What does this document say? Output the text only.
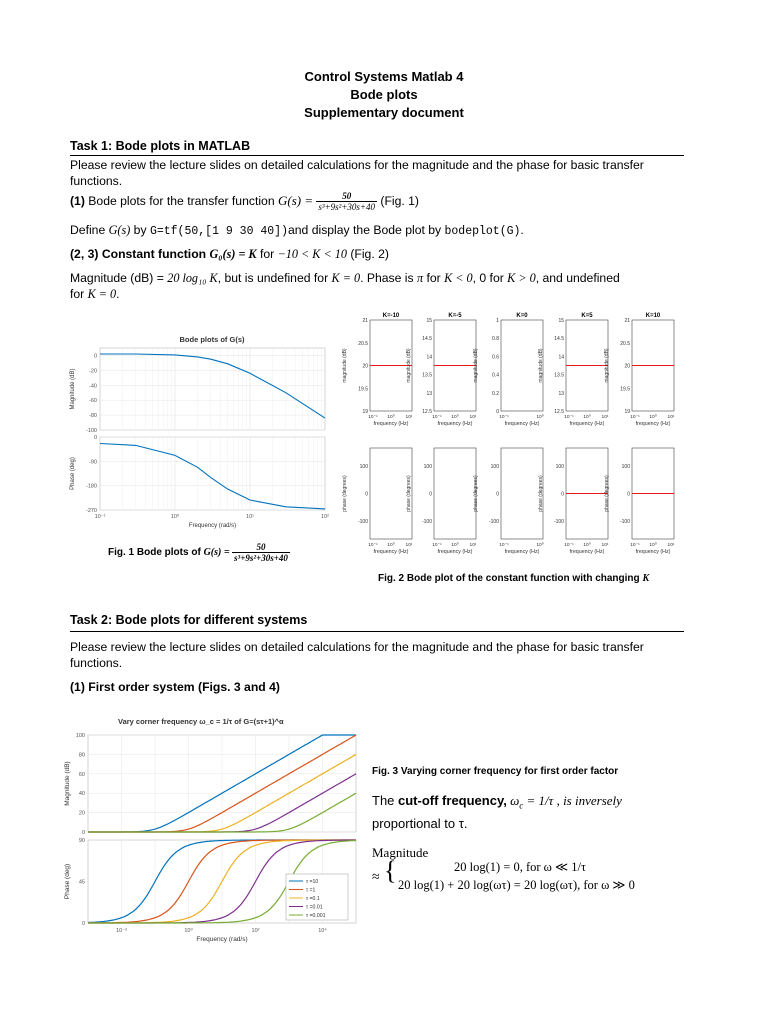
Control Systems Matlab 4
Bode plots
Supplementary document
Task 1: Bode plots in MATLAB
Please review the lecture slides on detailed calculations for the magnitude and the phase for basic transfer functions.
(1) Bode plots for the transfer function $G(s) = \frac{50}{\text{s³+9s²+30s+40}} (Fig$. 1)
Define G(s) by G=tf(50,[1 9 30 40])and display the Bode plot by bodeplot(G).
(2, 3) Constant function G₀(s) = K for −10 < K < 10 (Fig. 2)
Magnitude (dB) = 20 log₁₀ K, but is undefined for K = 0. Phase is π for K < 0, 0 for K > 0, and undefined
for K = 0.
Bode plots of G(s)
0
-20
-40
-60
-80
-100
0
-90
-180
-270
10⁻¹	10⁰	10¹	10²
Magnitude (dB)
Phase (deg)
Frequency (rad/s)
Fig. 1 Bode plots of $G(s) = \frac{50}{\text{s³+9s²+30s+40}}$
K=-10
21
20.5
20
19.5
19
100
0
-100
10⁻¹
10⁻¹
10⁰
10⁰
10¹
10¹
frequency (Hz)
frequency (Hz)
magnitude (dB)
phase (degrees)
K=-5
15
14.5
14
13.5
13
12.5
100
0
-100
10⁻¹
10⁻¹
10⁰
10⁰
10¹
10¹
frequency (Hz)
frequency (Hz)
magnitude (dB)
phase (degrees)
K=0
1
0.8
0.6
0.4
0.2
0
100
0
-100
10⁻¹
10⁻¹
10⁰
10⁰
frequency (Hz)
frequency (Hz)
magnitude (dB)
phase (degrees)
K=5
15
14.5
14
13.5
13
12.5
100
0
-100
10⁻¹
10⁻¹
10⁰
10⁰
10¹
10¹
frequency (Hz)
frequency (Hz)
magnitude (dB)
phase (degrees)
K=10
21
20.5
20
19.5
19
100
0
-100
10⁻¹
10⁻¹
10⁰
10⁰
10¹
10¹
frequency (Hz)
frequency (Hz)
magnitude (dB)
phase (degrees)
Fig. 2 Bode plot of the constant function with changing K
Task 2: Bode plots for different systems
Please review the lecture slides on detailed calculations for the magnitude and the phase for basic transfer functions.
(1) First order system (Figs. 3 and 4)
Vary corner frequency ω_c = 1/τ of G=(sτ+1)^α
100
80
60
40
20
0
90
45
0
10⁻²	10⁰	10²	10⁴
Magnitude (dB)
Phase (deg)
Frequency (rad/s)
τ =10
τ =1
τ =0.1
τ =0.01
τ =0.001
Fig. 3 Varying corner frequency for first order factor
The cut-off frequency, $\omega_c = 1/\tau$ , is inversely
proportional to τ.
Magnitude
≈ {	20 log(1) = 0, for ω ≪ 1/τ
20 log(1) + 20 log(ωτ) = 20 log(ωτ), for ω ≫ 0
